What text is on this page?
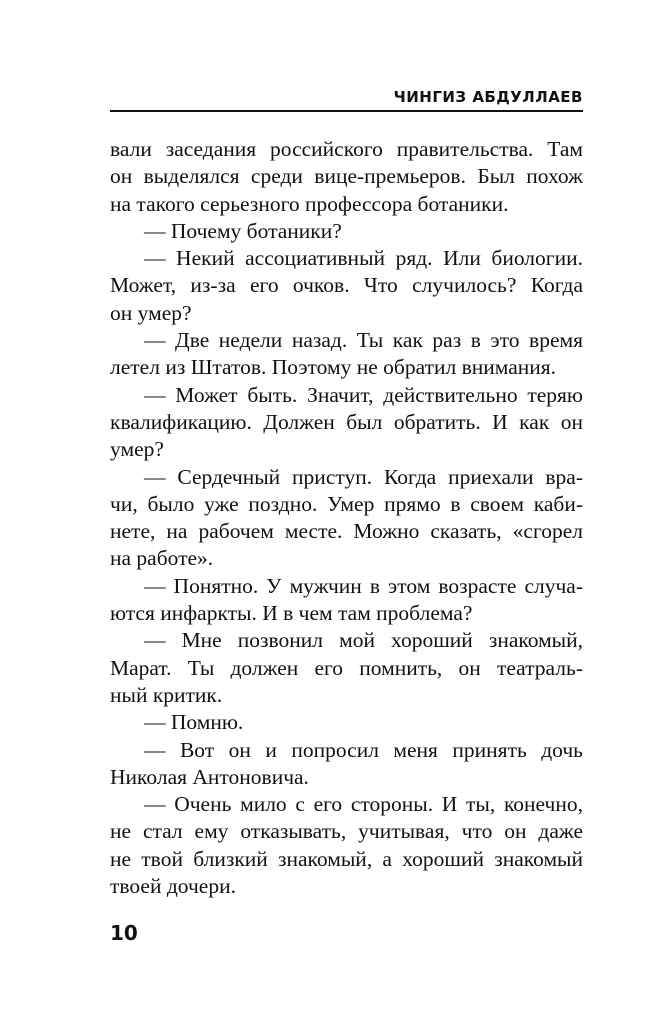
ЧИНГИЗ АБДУЛЛАЕВ
вали заседания российского правительства. Там
он выделялся среди вице-премьеров. Был похож
на такого серьезного профессора ботаники.
— Почему ботаники?
— Некий ассоциативный ряд. Или биологии.
Может, из-за его очков. Что случилось? Когда
он умер?
— Две недели назад. Ты как раз в это время
летел из Штатов. Поэтому не обратил внимания.
— Может быть. Значит, действительно теряю
квалификацию. Должен был обратить. И как он
умер?
— Сердечный приступ. Когда приехали вра-
чи, было уже поздно. Умер прямо в своем каби-
нете, на рабочем месте. Можно сказать, «сгорел
на работе».
— Понятно. У мужчин в этом возрасте случа-
ются инфаркты. И в чем там проблема?
— Мне позвонил мой хороший знакомый,
Марат. Ты должен его помнить, он театраль-
ный критик.
— Помню.
— Вот он и попросил меня принять дочь
Николая Антоновича.
— Очень мило с его стороны. И ты, конечно,
не стал ему отказывать, учитывая, что он даже
не твой близкий знакомый, а хороший знакомый
твоей дочери.
10
